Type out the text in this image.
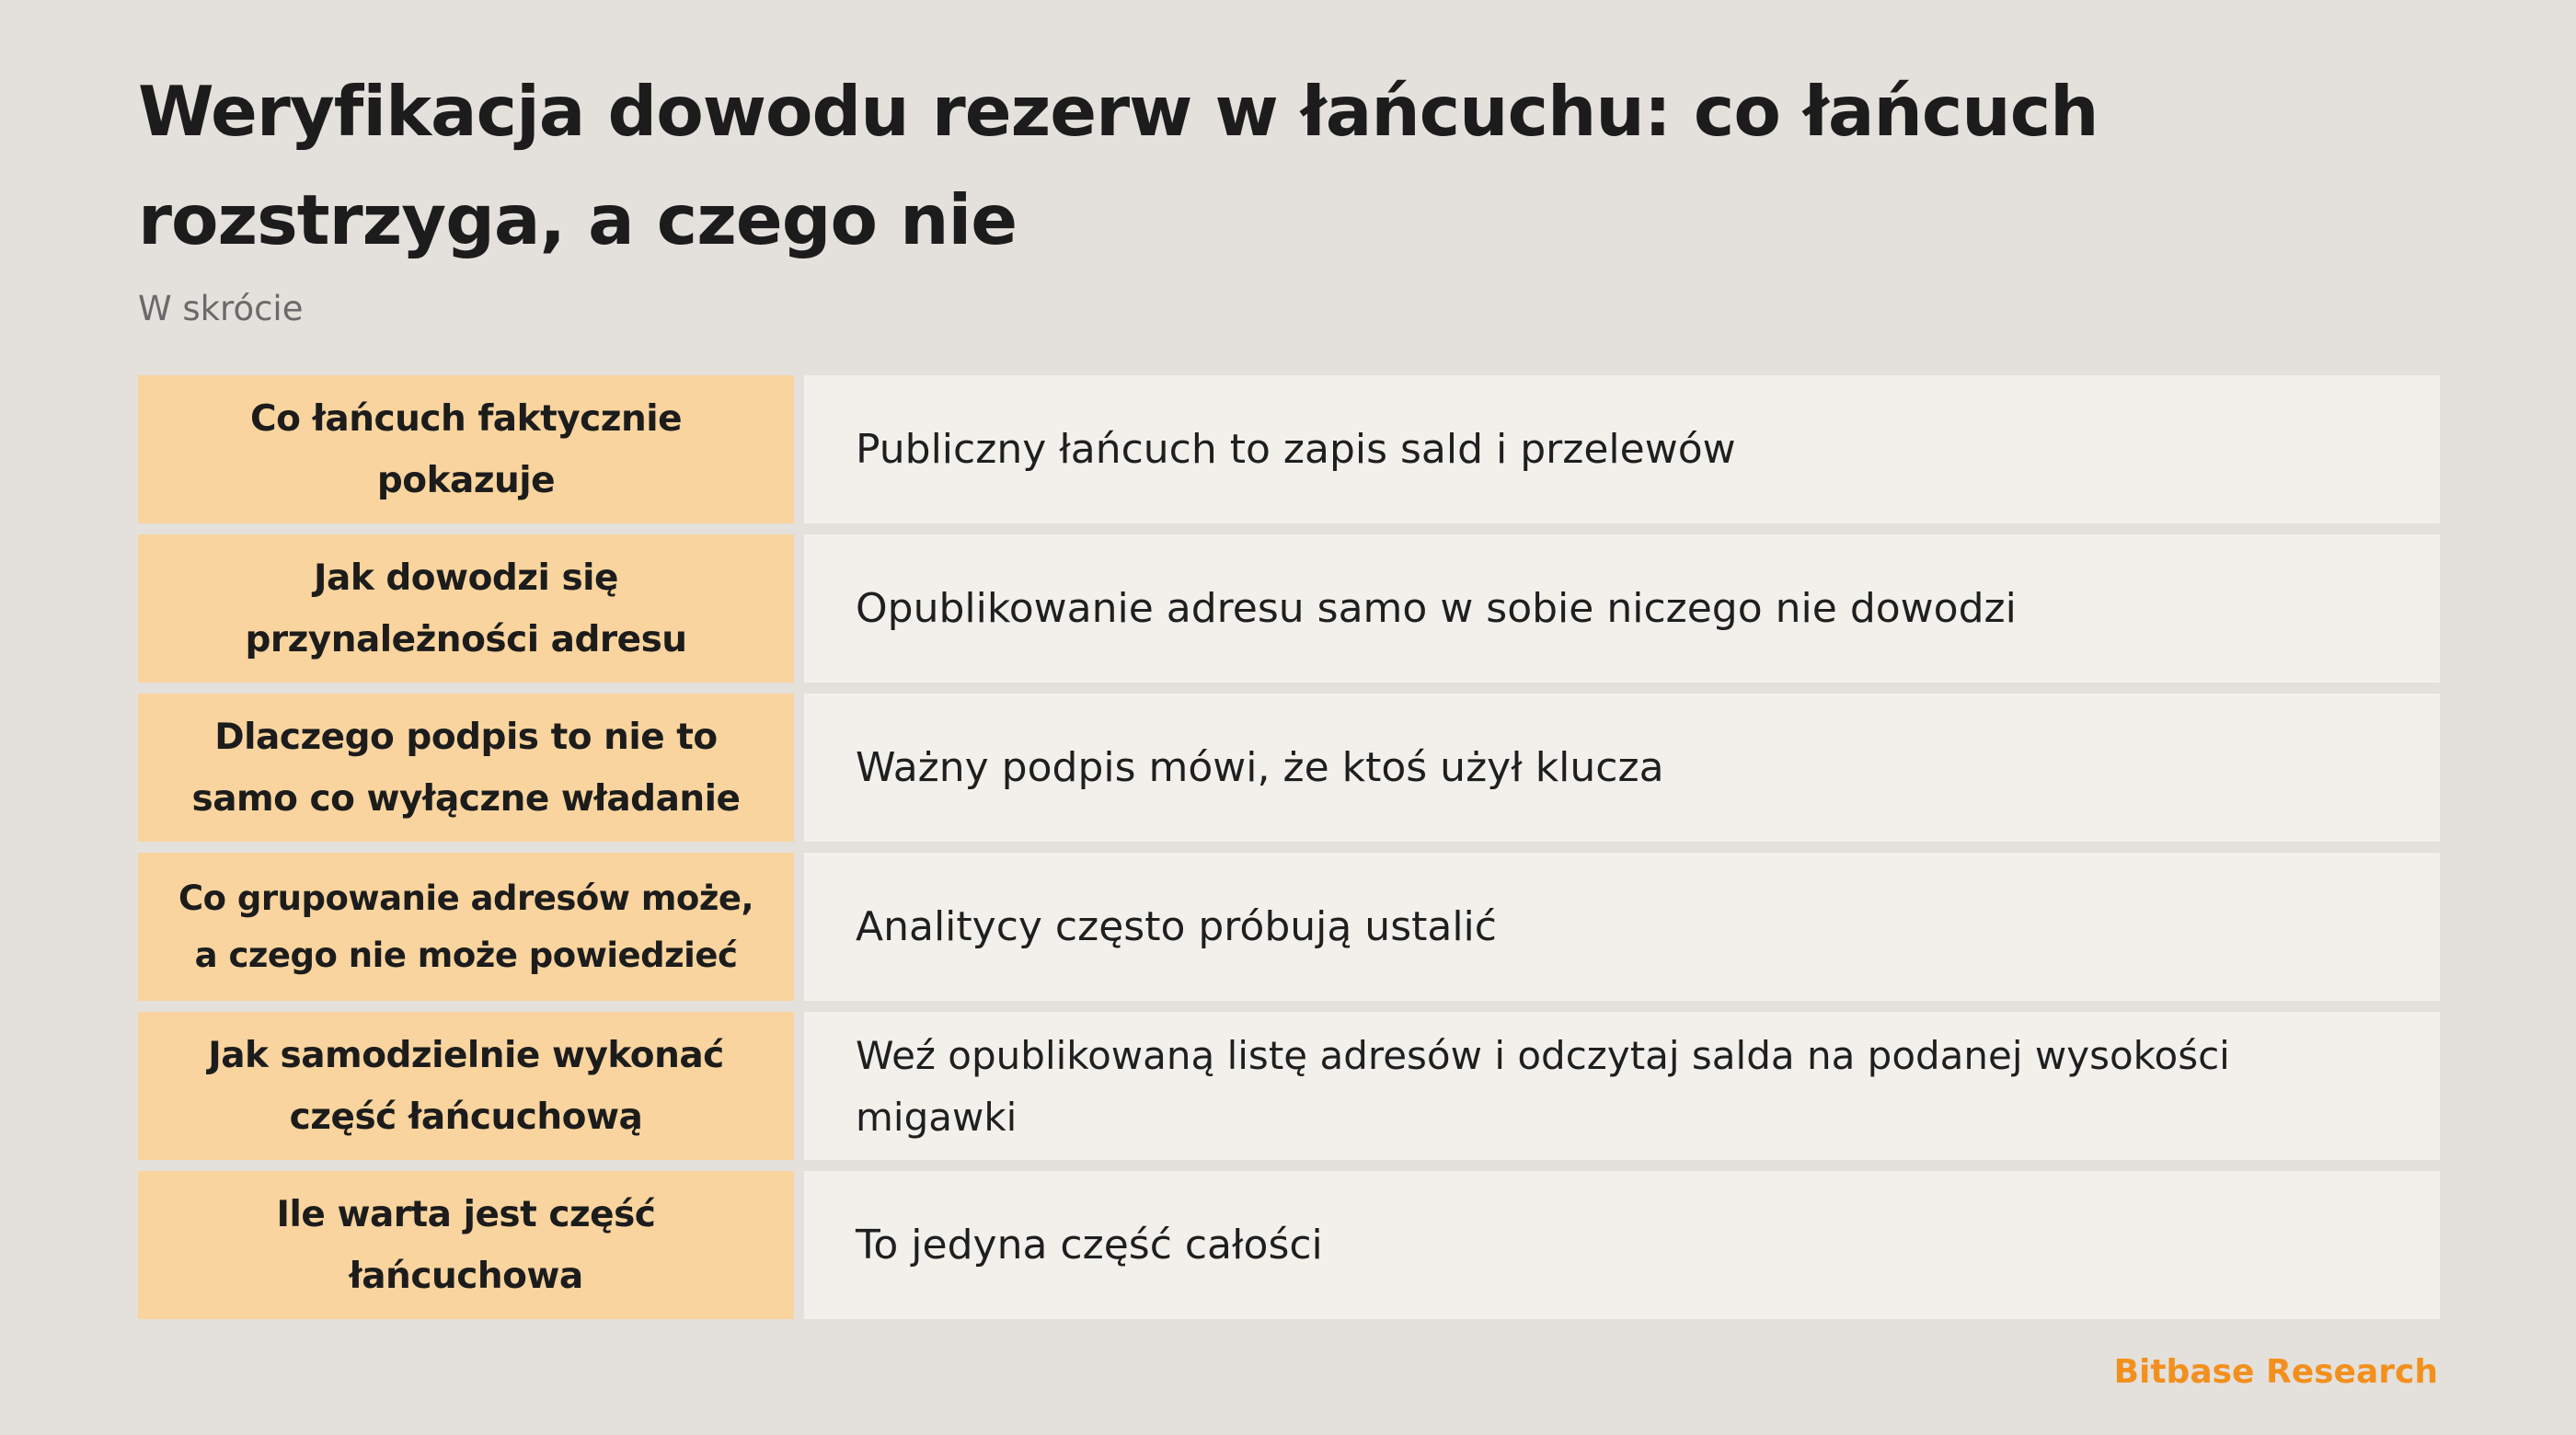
Weryfikacja dowodu rezerw w łańcuchu: co łańcuch rozstrzyga, a czego nie
W skrócie
Co łańcuch faktycznie pokazuje
Publiczny łańcuch to zapis sald i przelewów
Jak dowodzi się przynależności adresu
Opublikowanie adresu samo w sobie niczego nie dowodzi
Dlaczego podpis to nie to samo co wyłączne władanie
Ważny podpis mówi, że ktoś użył klucza
Co grupowanie adresów może, a czego nie może powiedzieć
Analitycy często próbują ustalić
Jak samodzielnie wykonać część łańcuchową
Weź opublikowaną listę adresów i odczytaj salda na podanej wysokości migawki
Ile warta jest część łańcuchowa
To jedyna część całości
Bitbase Research
